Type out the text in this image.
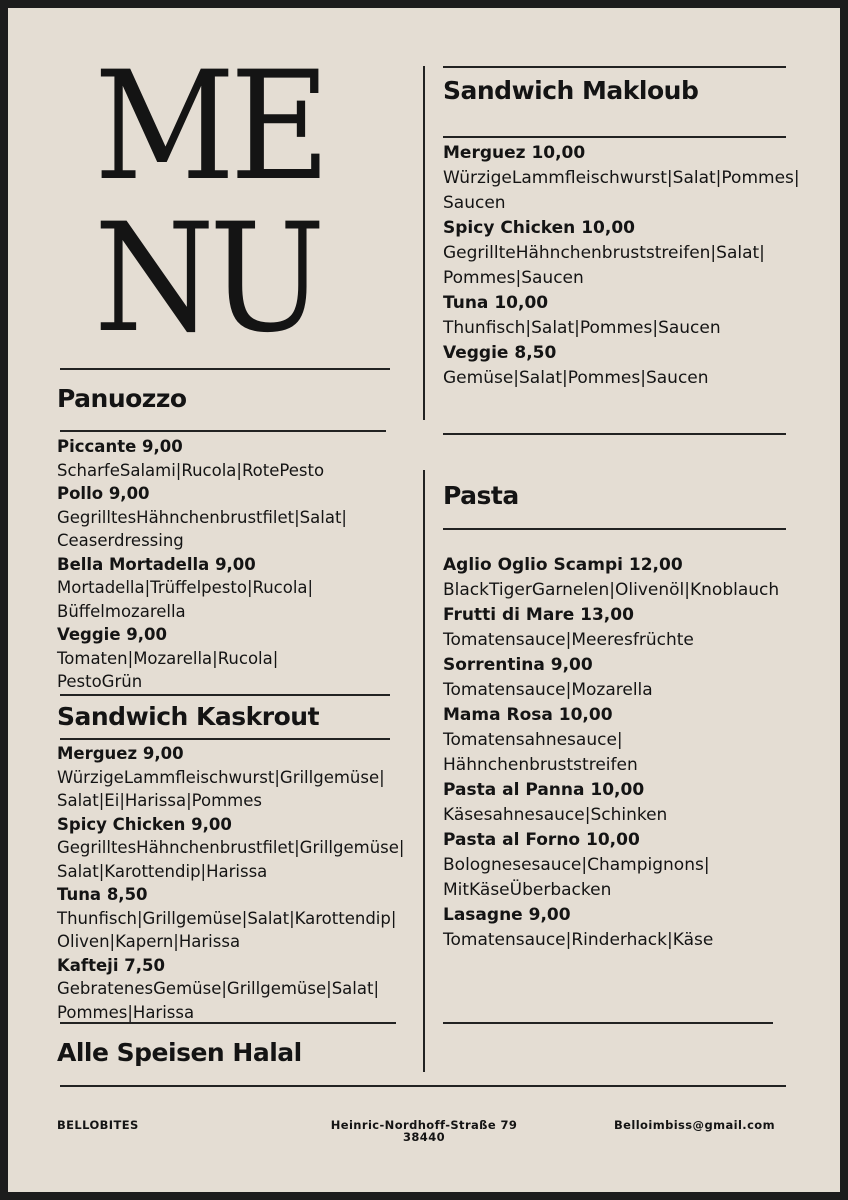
ME
NU
Panuozzo
Piccante 9,00
ScharfeSalami|Rucola|RotePesto
Pollo 9,00
GegrilltesHähnchenbrustfilet|Salat|
Ceaserdressing
Bella Mortadella 9,00
Mortadella|Trüffelpesto|Rucola|
Büffelmozarella
Veggie 9,00
Tomaten|Mozarella|Rucola|
PestoGrün
Sandwich Kaskrout
Merguez 9,00
WürzigeLammfleischwurst|Grillgemüse|
Salat|Ei|Harissa|Pommes
Spicy Chicken 9,00
GegrilltesHähnchenbrustfilet|Grillgemüse|
Salat|Karottendip|Harissa
Tuna 8,50
Thunfisch|Grillgemüse|Salat|Karottendip|
Oliven|Kapern|Harissa
Kafteji 7,50
GebratenesGemüse|Grillgemüse|Salat|
Pommes|Harissa
Alle Speisen Halal
Sandwich Makloub
Merguez 10,00
WürzigeLammfleischwurst|Salat|Pommes|
Saucen
Spicy Chicken 10,00
GegrillteHähnchenbruststreifen|Salat|
Pommes|Saucen
Tuna 10,00
Thunfisch|Salat|Pommes|Saucen
Veggie 8,50
Gemüse|Salat|Pommes|Saucen
Pasta
Aglio Oglio Scampi 12,00
BlackTigerGarnelen|Olivenöl|Knoblauch
Frutti di Mare 13,00
Tomatensauce|Meeresfrüchte
Sorrentina 9,00
Tomatensauce|Mozarella
Mama Rosa 10,00
Tomatensahnesauce|
Hähnchenbruststreifen
Pasta al Panna 10,00
Käsesahnesauce|Schinken
Pasta al Forno 10,00
Bolognesesauce|Champignons|
MitKäseÜberbacken
Lasagne 9,00
Tomatensauce|Rinderhack|Käse
BELLOBITES	Heinric-Nordhoff-Straße 79
38440
Belloimbiss@gmail.com
